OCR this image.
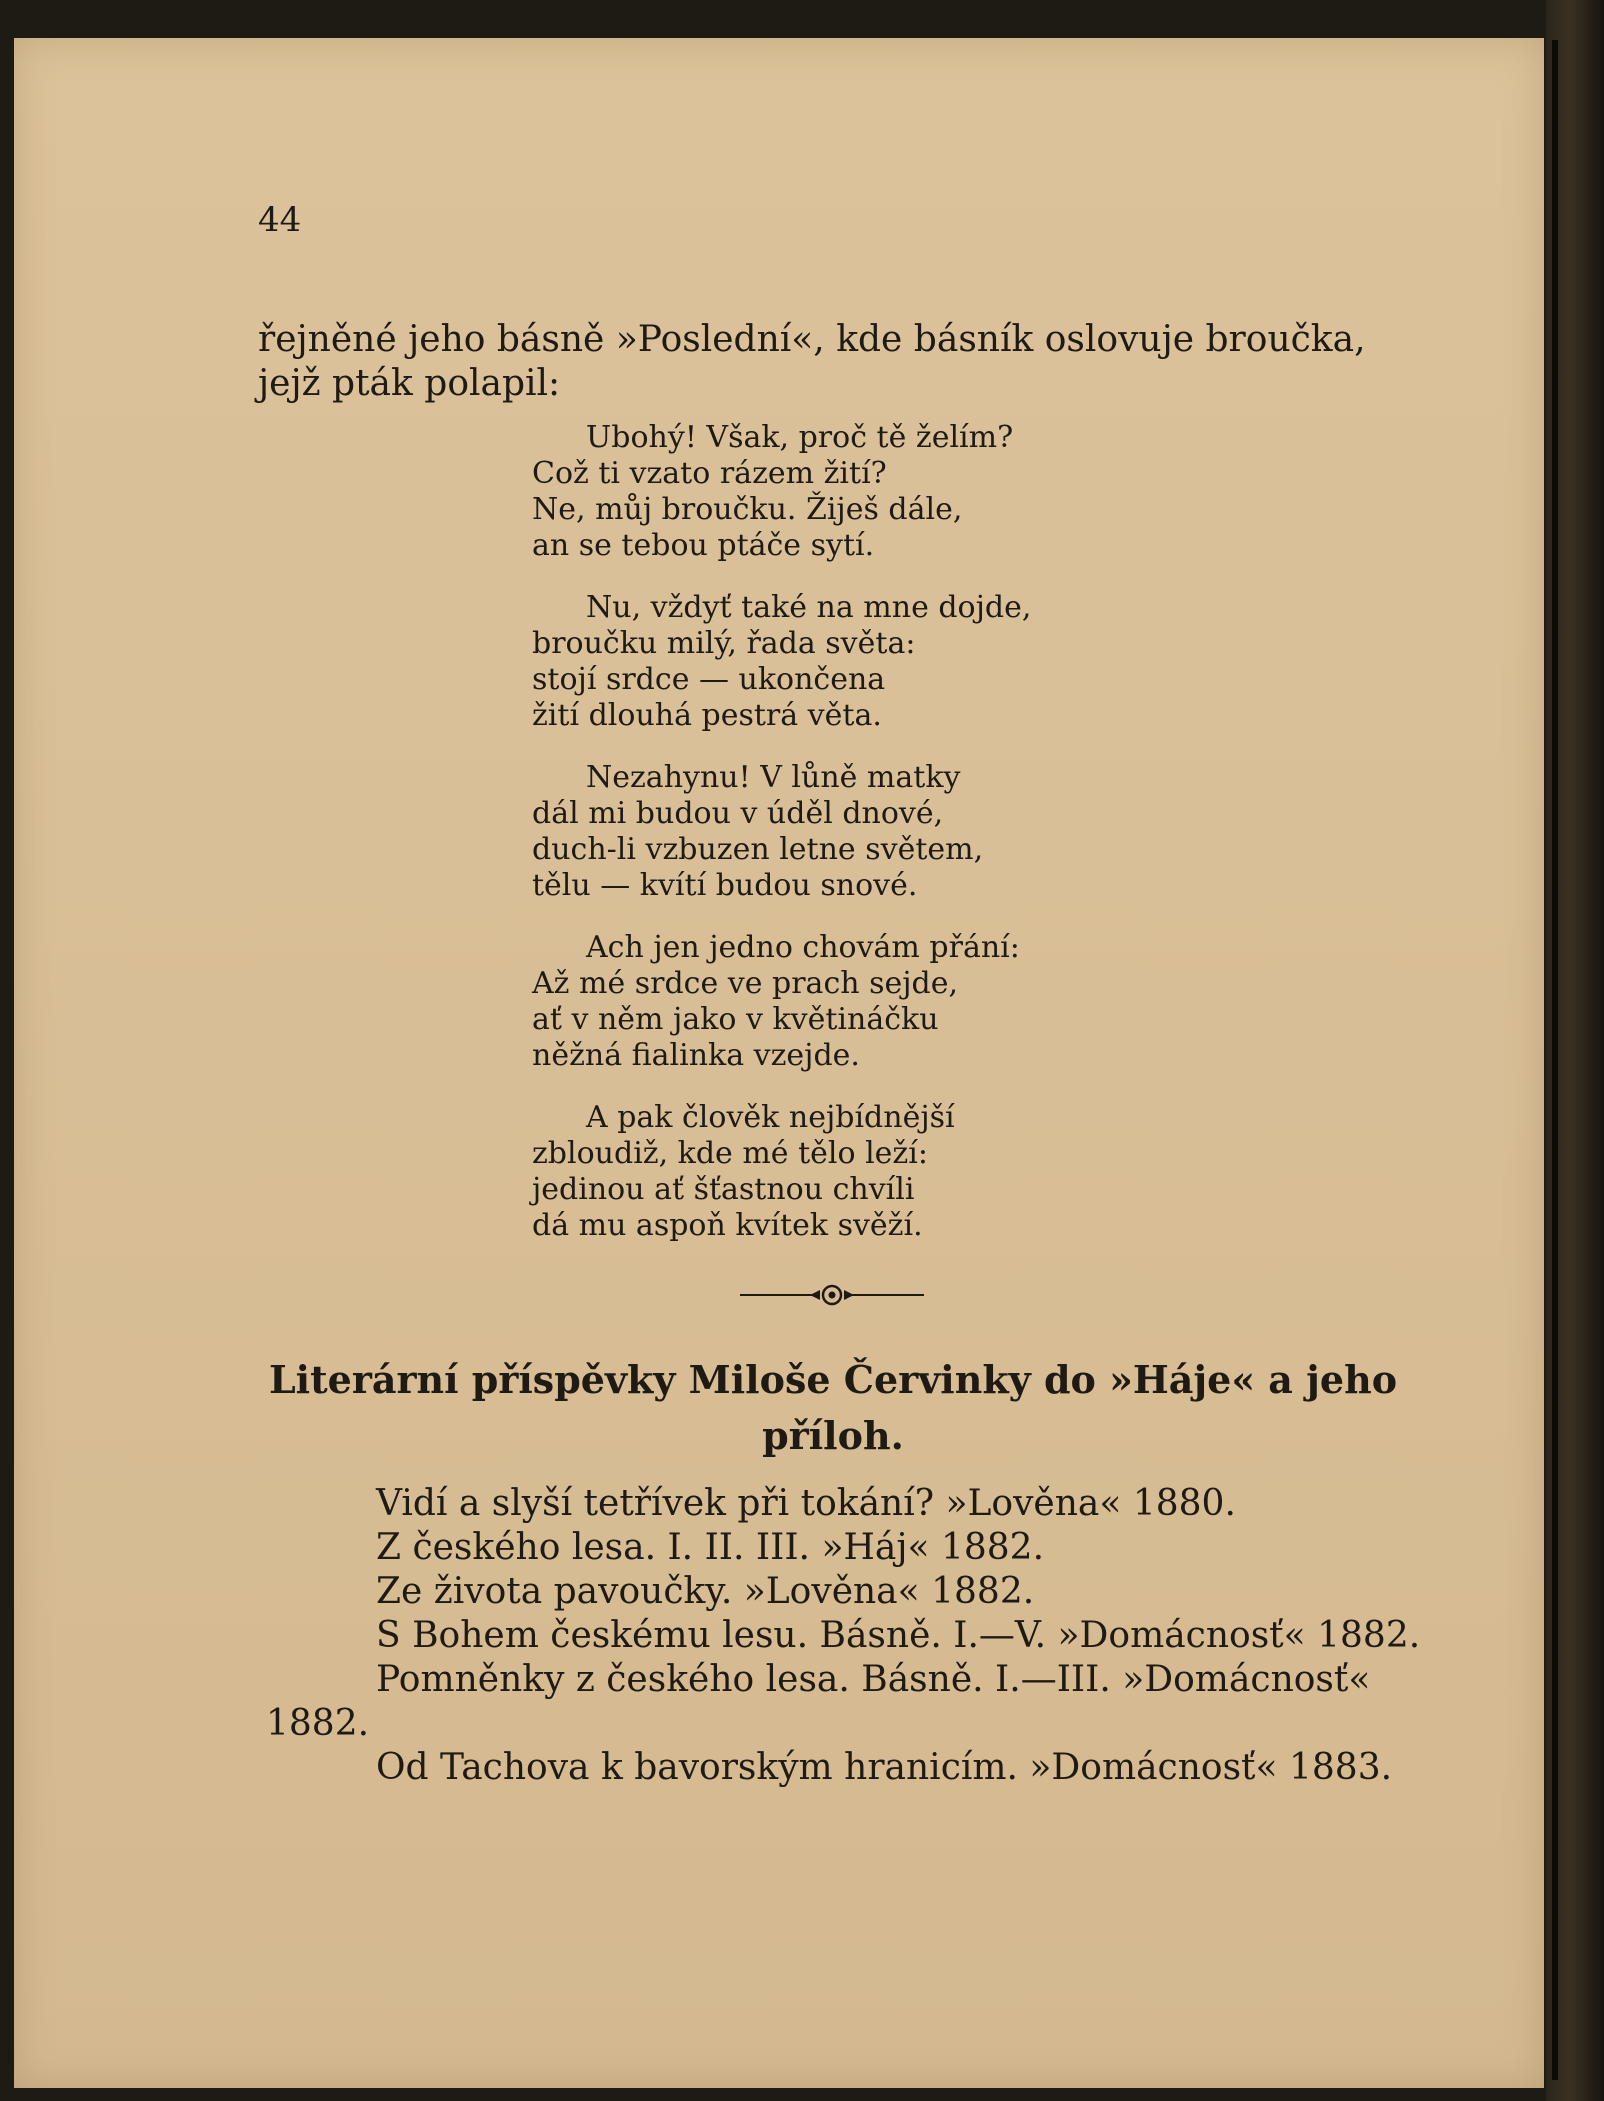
44
řejněné jeho básně »Poslední«, kde básník oslovuje broučka,
jejž pták polapil:
Ubohý! Však, proč tě želím?
Což ti vzato rázem žití?
Ne, můj broučku. Žiješ dále,
an se tebou ptáče sytí.
Nu, vždyť také na mne dojde,
broučku milý, řada světa:
stojí srdce — ukončena
žití dlouhá pestrá věta.
Nezahynu! V lůně matky
dál mi budou v úděl dnové,
duch-li vzbuzen letne světem,
tělu — kvítí budou snové.
Ach jen jedno chovám přání:
Až mé srdce ve prach sejde,
ať v něm jako v květináčku
něžná fialinka vzejde.
A pak člověk nejbídnější
zbloudiž, kde mé tělo leží:
jedinou ať šťastnou chvíli
dá mu aspoň kvítek svěží.
Literární příspěvky Miloše Červinky do »Háje« a jeho
příloh.
Vidí a slyší tetřívek při tokání? »Lověna« 1880.
Z českého lesa. I. II. III. »Háj« 1882.
Ze života pavoučky. »Lověna« 1882.
S Bohem českému lesu. Básně. I.—V. »Domácnosť« 1882.
Pomněnky z českého lesa. Básně. I.—III. »Domácnosť«
1882.
Od Tachova k bavorským hranicím. »Domácnosť« 1883.
